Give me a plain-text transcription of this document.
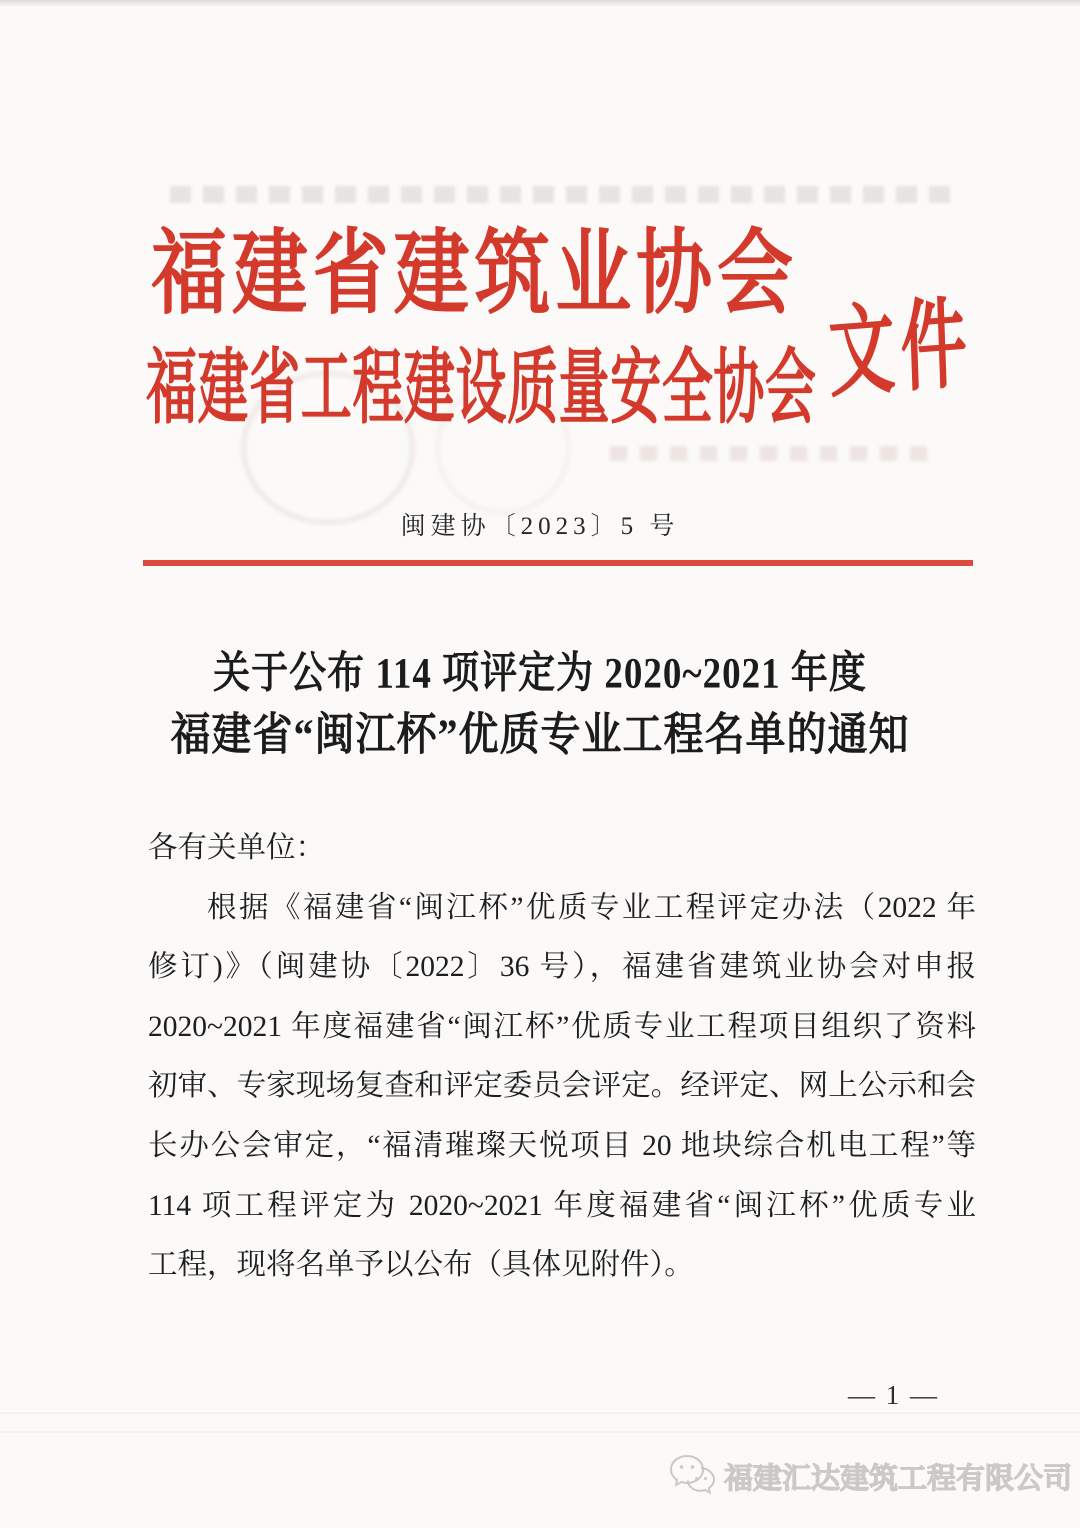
福建省建筑业协会
福建省工程建设质量安全协会 文件
闽建协〔2023〕5 号
关于公布 114 项评定为 2020~2021 年度
福建省“闽江杯”优质专业工程名单的通知
各有关单位：
根据《福建省“闽江杯”优质专业工程评定办法（2022 年
修订)》（闽建协〔2022〕36 号），福建省建筑业协会对申报
2020~2021 年度福建省“闽江杯”优质专业工程项目组织了资料
初审、专家现场复查和评定委员会评定。经评定、网上公示和会
长办公会审定，“福清璀璨天悦项目 20 地块综合机电工程”等
114 项工程评定为 2020~2021 年度福建省“闽江杯”优质专业
工程，现将名单予以公布（具体见附件）。
— 1 —
福建汇达建筑工程有限公司
